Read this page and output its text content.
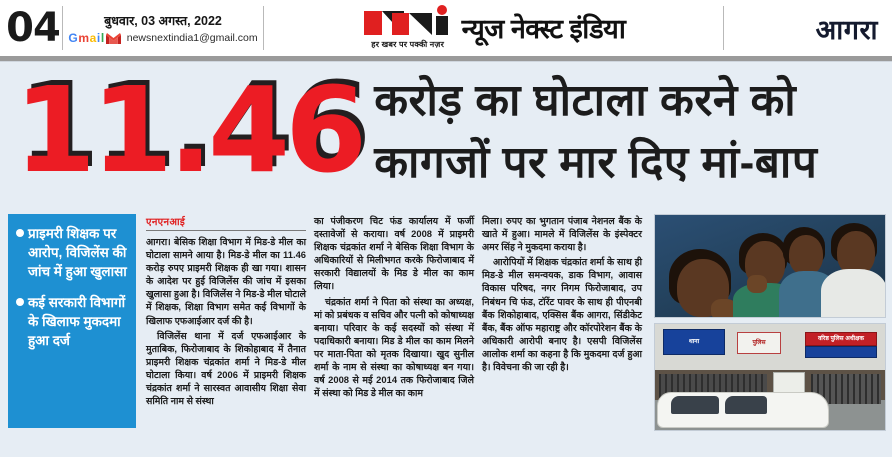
04	बुधवार, 03 अगस्त, 2022
G m a i l newsnextindia1@gmail.com
हर खबर पर पक्की नज़र
न्यूज नेक्स्ट इंडिया	आगरा
11.46 करोड़ का घोटाला करने को
कागजों पर मार दिए मां-बाप
प्राइमरी शिक्षक पर आरोप, विजिलेंस की जांच में हुआ खुलासा
कई सरकारी विभागों के खिलाफ मुकदमा हुआ दर्ज
एनएनआई
आगरा। बेसिक शिक्षा विभाग में मिड-डे मील का घोटाला सामने आया है। मिड-डे मील का 11.46 करोड़ रुपए प्राइमरी शिक्षक ही खा गया। शासन के आदेश पर हुई विजिलेंस की जांच में इसका खुलासा हुआ है। विजिलेंस ने मिड-डे मील घोटाले में शिक्षक, शिक्षा विभाग समेत कई विभागों के खिलाफ एफआईआर दर्ज की है।
विजिलेंस थाना में दर्ज एफआईआर के मुताबिक, फिरोजाबाद के शिकोहाबाद में तैनात प्राइमरी शिक्षक चंद्रकांत शर्मा ने मिड-डे मील घोटाला किया। वर्ष 2006 में प्राइमरी शिक्षक चंद्रकांत शर्मा ने सारस्वत आवासीय शिक्षा सेवा समिति नाम से संस्था
का पंजीकरण चिट फंड कार्यालय में फर्जी दस्तावेजों से कराया। वर्ष 2008 में प्राइमरी शिक्षक चंद्रकांत शर्मा ने बेसिक शिक्षा विभाग के अधिकारियों से मिलीभगत करके फिरोजाबाद में सरकारी विद्यालयों के मिड डे मील का काम लिया।
चंद्रकांत शर्मा ने पिता को संस्था का अध्यक्ष, मां को प्रबंधक व सचिव और पत्नी को कोषाध्यक्ष बनाया। परिवार के कई सदस्यों को संस्था में पदाधिकारी बनाया। मिड डे मील का काम मिलने पर माता-पिता को मृतक दिखाया। खुद सुनील शर्मा के नाम से संस्था का कोषाध्यक्ष बन गया। वर्ष 2008 से मई 2014 तक फिरोजाबाद जिले में संस्था को मिड डे मील का काम
मिला। रुपए का भुगतान पंजाब नेशनल बैंक के खाते में हुआ। मामले में विजिलेंस के इंस्पेक्टर अमर सिंह ने मुकदमा कराया है।
आरोपियों में शिक्षक चंद्रकांत शर्मा के साथ ही मिड-डे मील समन्वयक, डाक विभाग, आवास विकास परिषद, नगर निगम फिरोजाबाद, उप निबंधन चि फंड, टॉरेंट पावर के साथ ही पीएनबी बैंक शिकोहाबाद, एक्सिस बैंक आगरा, सिंडीकेट बैंक, बैंक ऑफ महाराष्ट्र और कॉरपोरेशन बैंक के अधिकारी आरोपी बनाए है। एसपी विजिलेंस आलोक शर्मा का कहना है कि मुकदमा दर्ज हुआ है। विवेचना की जा रही है।
थाना	पुलिस
वरिष्ठ पुलिस अधीक्षक
